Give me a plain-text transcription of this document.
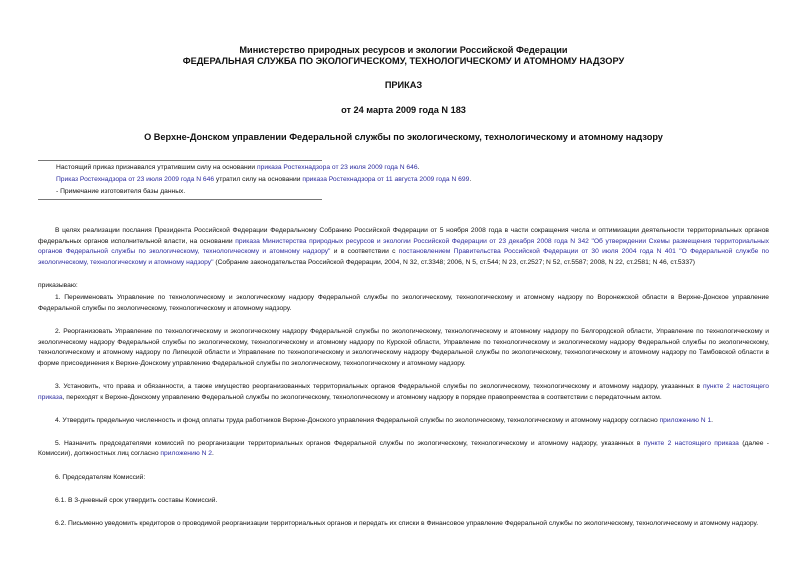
Министерство природных ресурсов и экологии Российской Федерации
ФЕДЕРАЛЬНАЯ СЛУЖБА ПО ЭКОЛОГИЧЕСКОМУ, ТЕХНОЛОГИЧЕСКОМУ И АТОМНОМУ НАДЗОРУ
ПРИКАЗ
от 24 марта 2009 года N 183
О Верхне-Донском управлении Федеральной службы по экологическому, технологическому и атомному надзору
Настоящий приказ признавался утратившим силу на основании приказа Ростехнадзора от 23 июля 2009 года N 646.
Приказ Ростехнадзора от 23 июля 2009 года N 646 утратил силу на основании приказа Ростехнадзора от 11 августа 2009 года N 699.
- Примечание изготовителя базы данных.

В целях реализации послания Президента Российской Федерации Федеральному Собранию Российской Федерации от 5 ноября 2008 года в части сокращения числа и оптимизации деятельности территориальных органов федеральных органов исполнительной власти, на основании приказа Министерства природных ресурсов и экологии Российской Федерации от 23 декабря 2008 года N 342 "Об утверждении Схемы размещения территориальных органов Федеральной службы по экологическому, технологическому и атомному надзору" и в соответствии с постановлением Правительства Российской Федерации от 30 июля 2004 года N 401 "О Федеральной службе по экологическому, технологическому и атомному надзору" (Собрание законодательства Российской Федерации, 2004, N 32, ст.3348; 2006, N 5, ст.544; N 23, ст.2527; N 52, ст.5587; 2008, N 22, ст.2581; N 46, ст.5337)

приказываю:

1. Переименовать Управление по технологическому и экологическому надзору Федеральной службы по экологическому, технологическому и атомному надзору по Воронежской области в Верхне-Донское управление Федеральной службы по экологическому, технологическому и атомному надзору.

2. Реорганизовать Управление по технологическому и экологическому надзору Федеральной службы по экологическому, технологическому и атомному надзору по Белгородской области, Управление по технологическому и экологическому надзору Федеральной службы по экологическому, технологическому и атомному надзору по Курской области, Управление по технологическому и экологическому надзору Федеральной службы по экологическому, технологическому и атомному надзору по Липецкой области и Управление по технологическому и экологическому надзору Федеральной службы по экологическому, технологическому и атомному надзору по Тамбовской области в форме присоединения к Верхне-Донскому управлению Федеральной службы по экологическому, технологическому и атомному надзору.

3. Установить, что права и обязанности, а также имущество реорганизованных территориальных органов Федеральной службы по экологическому, технологическому и атомному надзору, указанных в пункте 2 настоящего приказа, переходят к Верхне-Донскому управлению Федеральной службы по экологическому, технологическому и атомному надзору в порядке правопреемства в соответствии с передаточным актом.

4. Утвердить предельную численность и фонд оплаты труда работников Верхне-Донского управления Федеральной службы по экологическому, технологическому и атомному надзору согласно приложению N 1.

5. Назначить председателями комиссий по реорганизации территориальных органов Федеральной службы по экологическому, технологическому и атомному надзору, указанных в пункте 2 настоящего приказа (далее - Комиссии), должностных лиц согласно приложению N 2.

6. Председателям Комиссий:

6.1. В 3-дневный срок утвердить составы Комиссий.

6.2. Письменно уведомить кредиторов о проводимой реорганизации территориальных органов и передать их списки в Финансовое управление Федеральной службы по экологическому, технологическому и атомному надзору.
